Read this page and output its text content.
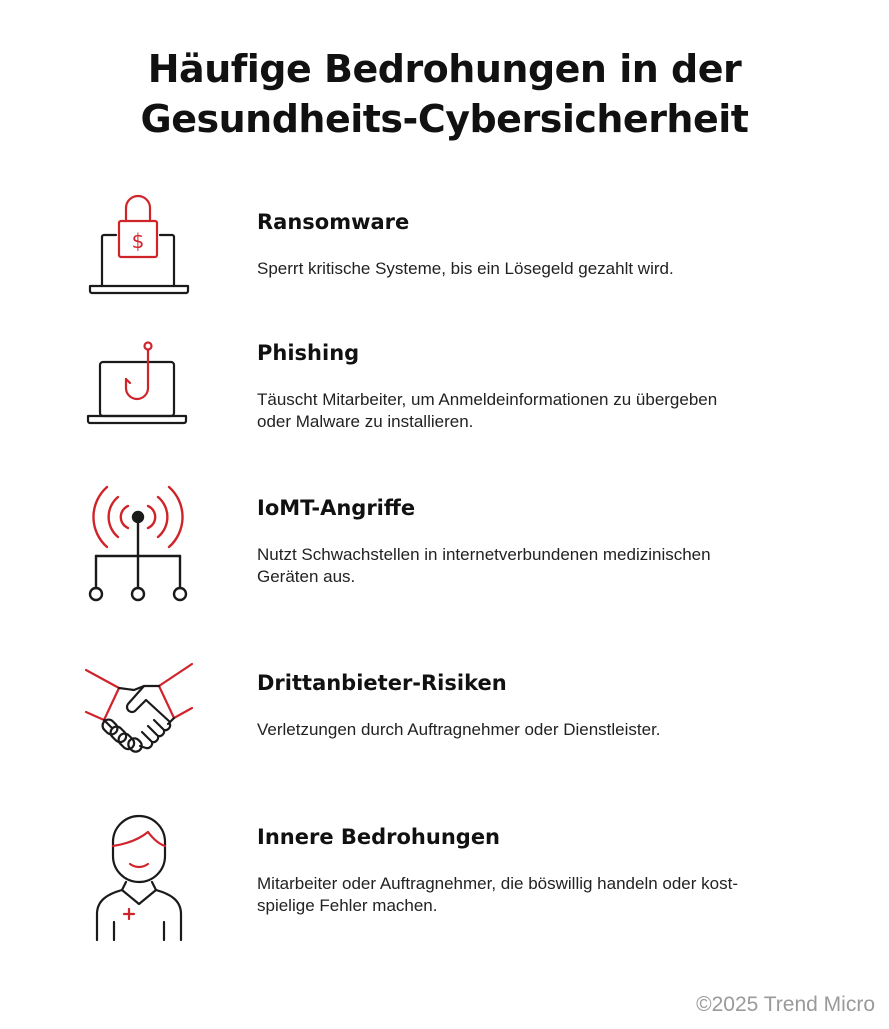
Häufige Bedrohungen in der
Gesundheits-Cybersicherheit
$
Ransomware
Sperrt kritische Systeme, bis ein Lösegeld gezahlt wird.
Phishing
Täuscht Mitarbeiter, um Anmeldeinformationen zu übergeben
oder Malware zu installieren.
IoMT-Angriffe
Nutzt Schwachstellen in internetverbundenen medizinischen
Geräten aus.
Drittanbieter-Risiken
Verletzungen durch Auftragnehmer oder Dienstleister.
Innere Bedrohungen
Mitarbeiter oder Auftragnehmer, die böswillig handeln oder kost-
spielige Fehler machen.
©2025 Trend Micro
